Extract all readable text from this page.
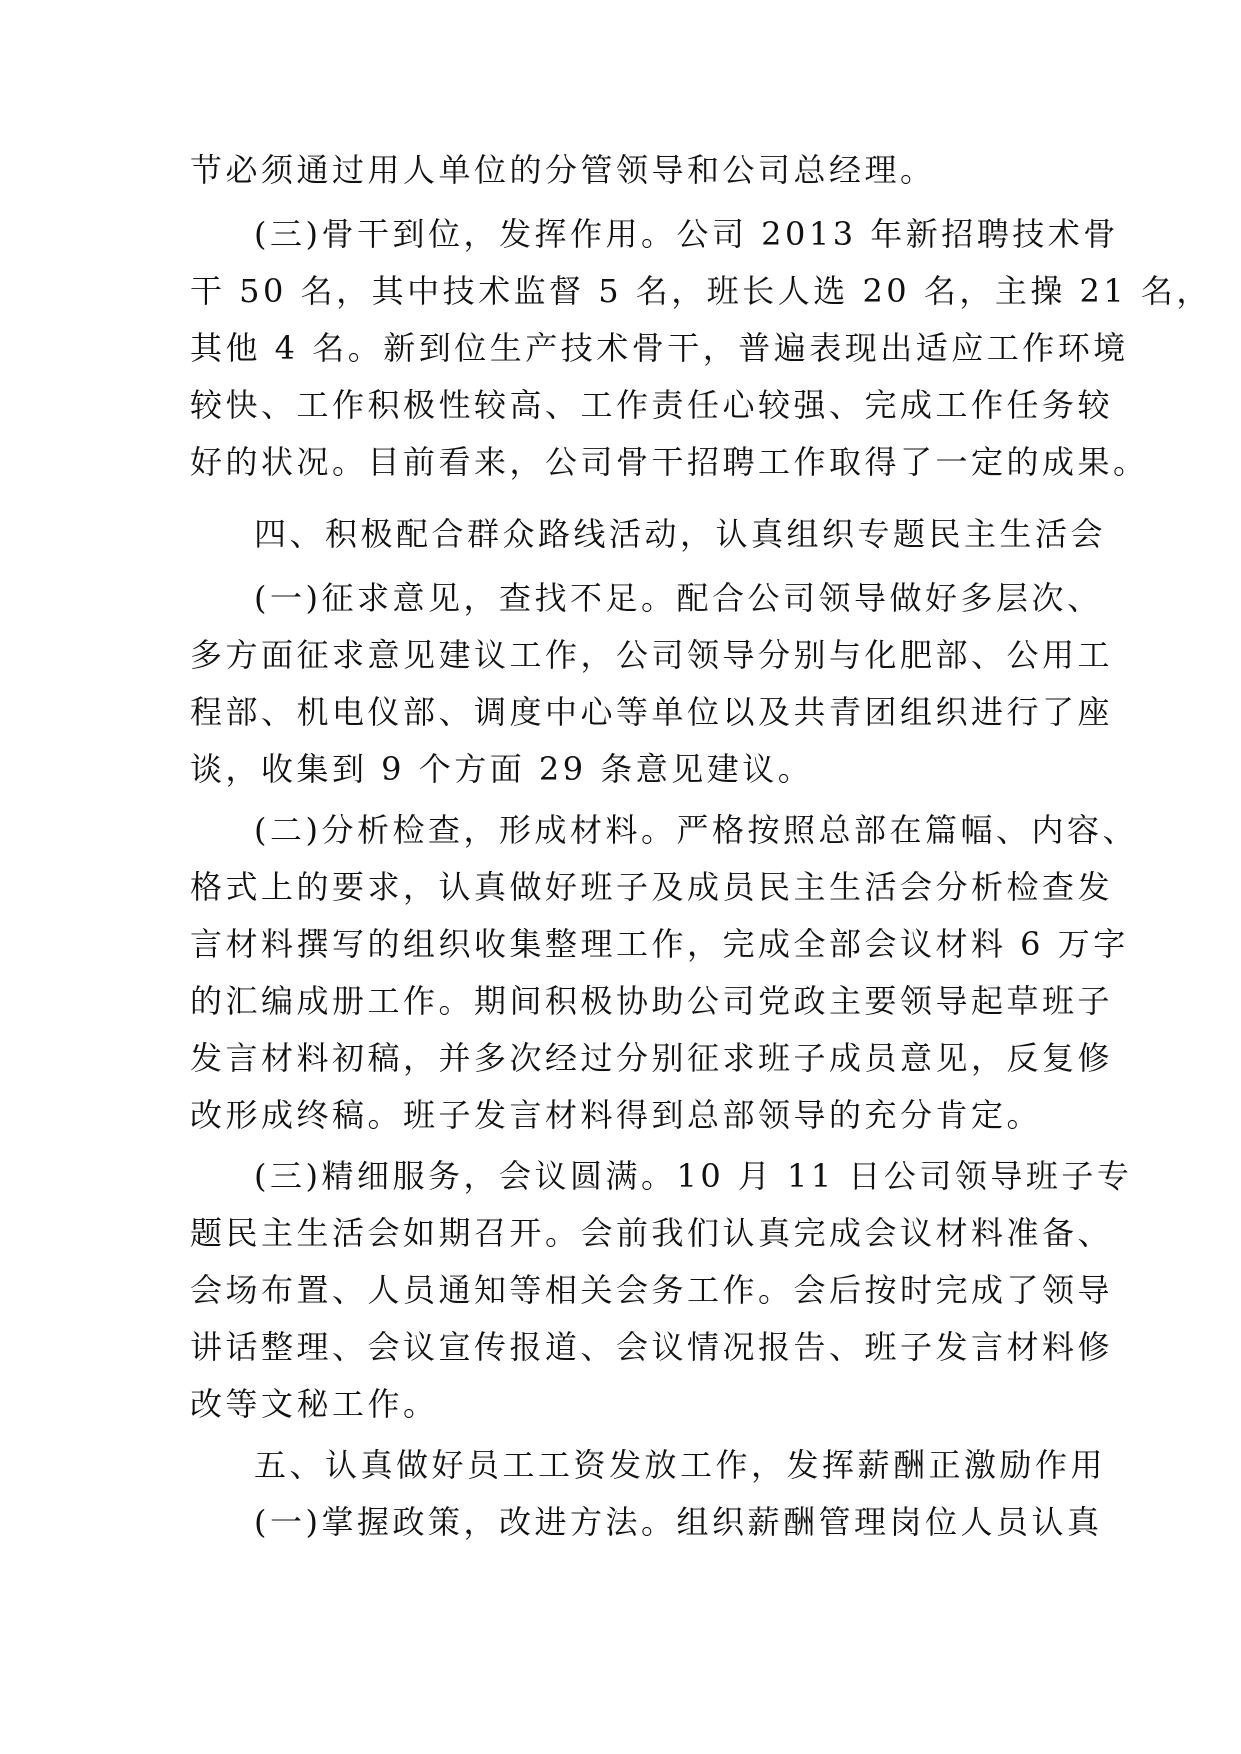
节必须通过用人单位的分管领导和公司总经理。
(三)骨干到位，发挥作用。公司 2013 年新招聘技术骨
干 50 名，其中技术监督 5 名，班长人选 20 名，主操 21 名，
其他 4 名。新到位生产技术骨干，普遍表现出适应工作环境
较快、工作积极性较高、工作责任心较强、完成工作任务较
好的状况。目前看来，公司骨干招聘工作取得了一定的成果。
四、积极配合群众路线活动，认真组织专题民主生活会
(一)征求意见，查找不足。配合公司领导做好多层次、
多方面征求意见建议工作，公司领导分别与化肥部、公用工
程部、机电仪部、调度中心等单位以及共青团组织进行了座
谈，收集到 9 个方面 29 条意见建议。
(二)分析检查，形成材料。严格按照总部在篇幅、内容、
格式上的要求，认真做好班子及成员民主生活会分析检查发
言材料撰写的组织收集整理工作，完成全部会议材料 6 万字
的汇编成册工作。期间积极协助公司党政主要领导起草班子
发言材料初稿，并多次经过分别征求班子成员意见，反复修
改形成终稿。班子发言材料得到总部领导的充分肯定。
(三)精细服务，会议圆满。10 月 11 日公司领导班子专
题民主生活会如期召开。会前我们认真完成会议材料准备、
会场布置、人员通知等相关会务工作。会后按时完成了领导
讲话整理、会议宣传报道、会议情况报告、班子发言材料修
改等文秘工作。
五、认真做好员工工资发放工作，发挥薪酬正激励作用
(一)掌握政策，改进方法。组织薪酬管理岗位人员认真
